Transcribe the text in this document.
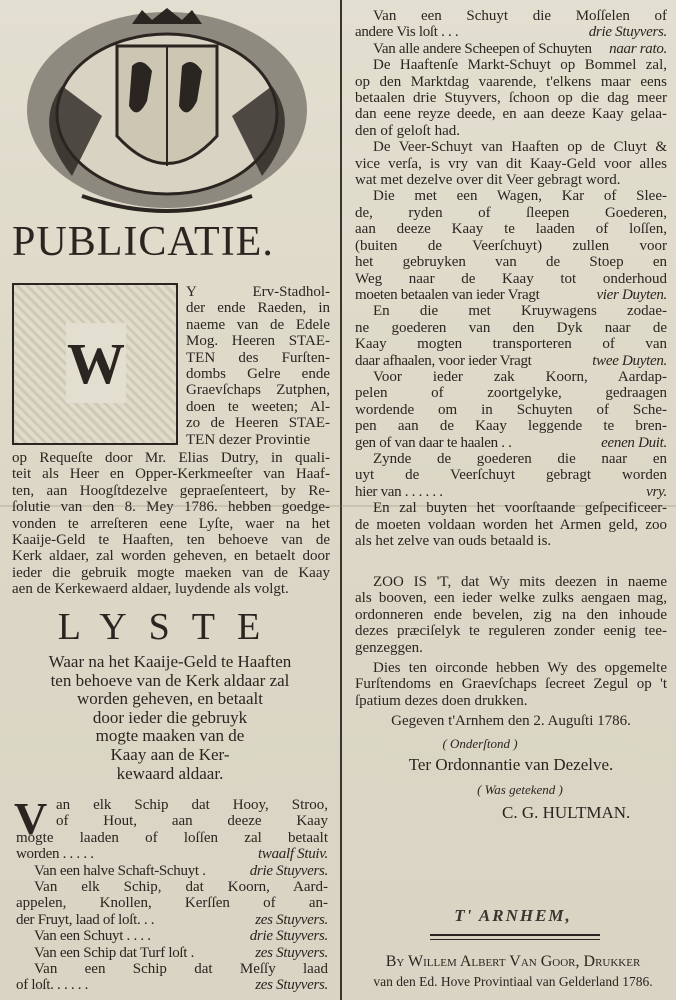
PUBLICATIE.
W
Y Erv-Stadhol-
der ende Raeden, in
naeme van de Edele
Mog. Heeren STAE-
TEN des Furſten-
dombs Gelre ende
Graevſchaps Zutphen,
doen te weeten; Al-
zo de Heeren STAE-
TEN dezer Provintie
op Requeſte door Mr. Elias Dutry, in quali-
teit als Heer en Opper-Kerkmeeſter van Haaf-
ten, aan Hoogſtdezelve gepraeſenteert, by Re-
ſolutie van den 8. Mey 1786. hebben goedge-
vonden te arreſteren eene Lyſte, waer na het
Kaaije-Geld te Haaften, ten behoeve van de
Kerk aldaer, zal worden geheven, en betaelt door
ieder die gebruik mogte maeken van de Kaay
aen de Kerkewaerd aldaer, luydende als volgt.
LYSTE
Waar na het Kaaije-Geld te Haaften
ten behoeve van de Kerk aldaar zal
worden geheven, en betaalt
door ieder die gebruyk
mogte maaken van de
Kaay aan de Ker-
kewaard aldaar.
V an elk Schip dat Hooy, Stroo,
of Hout, aan deeze Kaay
mogte laaden of loſſen zal betaalt
worden . . . . .	twaalf Stuiv.
Van een halve Schaft-Schuyt .	drie Stuyvers.
Van elk Schip, dat Koorn, Aard-
appelen, Knollen, Kerſſen of an-
der Fruyt, laad of loſt. . .	zes Stuyvers.
Van een Schuyt . . . .	drie Stuyvers.
Van een Schip dat Turf loſt .	zes Stuyvers.
Van een Schip dat Meſſy laad
of loſt. . . . . .	zes Stuyvers.
Van een Schuyt die Moſſelen of
andere Vis loſt . . .	drie Stuyvers.
Van alle andere Scheepen of Schuyten naar rato.
De Haaftenſe Markt-Schuyt op Bommel zal,
op den Marktdag vaarende, t'elkens maar eens
betaalen drie Stuyvers, ſchoon op die dag meer
dan eene reyze deede, en aan deeze Kaay gelaa-
den of geloſt had.
De Veer-Schuyt van Haaften op de Cluyt &
vice verſa, is vry van dit Kaay-Geld voor alles
wat met dezelve over dit Veer gebragt word.
Die met een Wagen, Kar of Slee-
de, ryden of ſleepen Goederen,
aan deeze Kaay te laaden of loſſen,
(buiten de Veerſchuyt) zullen voor
het gebruyken van de Stoep en
Weg naar de Kaay tot onderhoud
moeten betaalen van ieder Vragt	vier Duyten.
En die met Kruywagens zodae-
ne goederen van den Dyk naar de
Kaay mogten transporteren of van
daar afhaalen, voor ieder Vragt	twee Duyten.
Voor ieder zak Koorn, Aardap-
pelen of zoortgelyke, gedraagen
wordende om in Schuyten of Sche-
pen aan de Kaay leggende te bren-
gen of van daar te haalen . .	eenen Duit.
Zynde de goederen die naar en
uyt de Veerſchuyt gebragt worden
hier van . . . . . .	vry.
En zal buyten het voorſtaande geſpecificeer-
de moeten voldaan worden het Armen geld, zoo
als het zelve van ouds betaald is.
ZOO IS 'T, dat Wy mits deezen in naeme
als booven, een ieder welke zulks aengaen mag,
ordonneren ende bevelen, zig na den inhoude
dezes præciſelyk te reguleren zonder eenig tee-
genzeggen.
Dies ten oirconde hebben Wy des opgemelte
Furſtendoms en Graevſchaps ſecreet Zegul op 't
ſpatium dezes doen drukken.
Gegeven t'Arnhem den 2. Auguſti 1786.
( Onderſtond )
Ter Ordonnantie van Dezelve.
( Was getekend )
C. G. HULTMAN.
T' ARNHEM,
By Willem Albert Van Goor, Drukker
van den Ed. Hove Provintiaal van Gelderland 1786.
